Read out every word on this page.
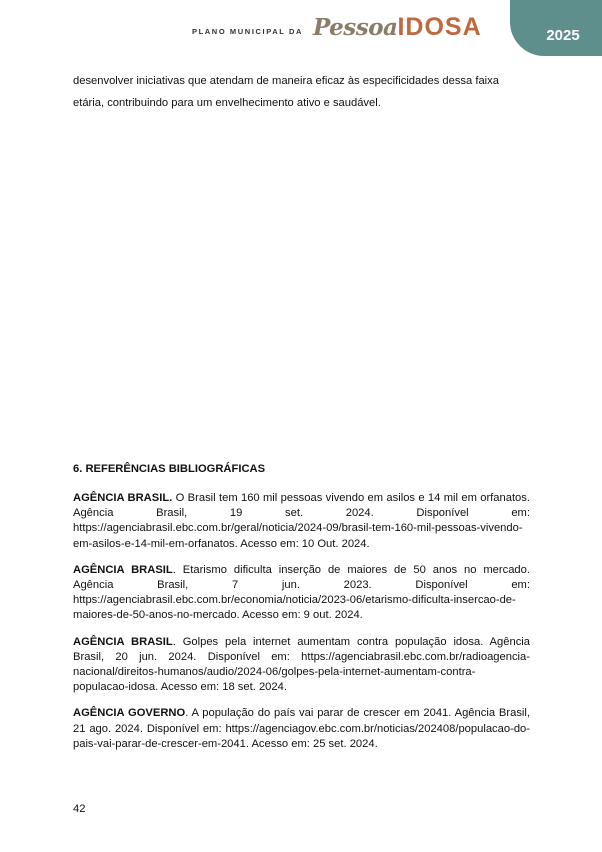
PLANO MUNICIPAL DA Pessoa IDOSA	2025

desenvolver iniciativas que atendam de maneira eficaz às especificidades dessa faixa etária, contribuindo para um envelhecimento ativo e saudável.

6. REFERÊNCIAS BIBLIOGRÁFICAS

AGÊNCIA BRASIL. O Brasil tem 160 mil pessoas vivendo em asilos e 14 mil em orfanatos. Agência Brasil, 19 set. 2024. Disponível em: https://agenciabrasil.ebc.com.br/geral/noticia/2024-09/brasil-tem-160-mil-pessoas-vivendo-em-asilos-e-14-mil-em-orfanatos. Acesso em: 10 Out. 2024.

AGÊNCIA BRASIL. Etarismo dificulta inserção de maiores de 50 anos no mercado. Agência Brasil, 7 jun. 2023. Disponível em: https://agenciabrasil.ebc.com.br/economia/noticia/2023-06/etarismo-dificulta-insercao-de-maiores-de-50-anos-no-mercado. Acesso em: 9 out. 2024.

AGÊNCIA BRASIL. Golpes pela internet aumentam contra população idosa. Agência Brasil, 20 jun. 2024. Disponível em: https://agenciabrasil.ebc.com.br/radioagencia-nacional/direitos-humanos/audio/2024-06/golpes-pela-internet-aumentam-contra-populacao-idosa. Acesso em: 18 set. 2024.

AGÊNCIA GOVERNO. A população do país vai parar de crescer em 2041. Agência Brasil, 21 ago. 2024. Disponível em: https://agenciagov.ebc.com.br/noticias/202408/populacao-do-pais-vai-parar-de-crescer-em-2041. Acesso em: 25 set. 2024.

42
